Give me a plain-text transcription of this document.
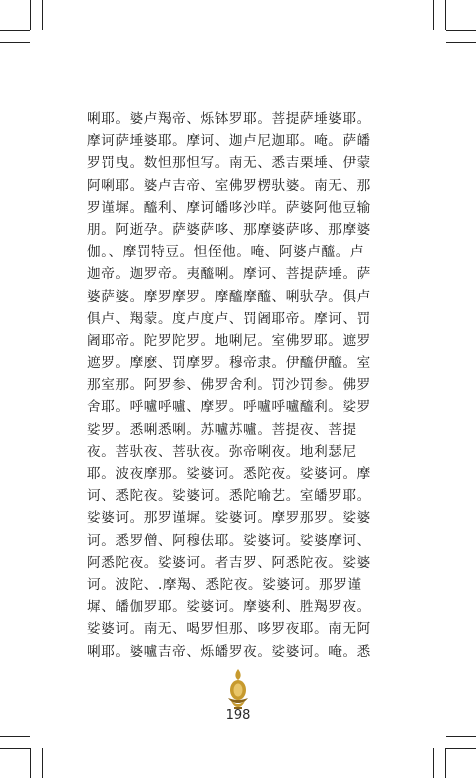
唎耶。婆卢羯帝、烁钵罗耶。菩提萨埵婆耶。
摩诃萨埵婆耶。摩诃、迦卢尼迦耶。唵。萨皤
罗罚曳。数怛那怛写。南无、悉吉栗埵、伊蒙
阿唎耶。婆卢吉帝、室佛罗楞驮婆。南无、那
罗谨墀。醯利、摩诃皤哆沙咩。萨婆阿他豆输
朋。阿逝孕。萨婆萨哆、那摩婆萨哆、那摩婆
伽。、摩罚特豆。怛侄他。唵、阿婆卢醯。卢
迦帝。迦罗帝。夷醯唎。摩诃、菩提萨埵。萨
婆萨婆。摩罗摩罗。摩醯摩醯、唎驮孕。俱卢
俱卢、羯蒙。度卢度卢、罚阇耶帝。摩诃、罚
阇耶帝。陀罗陀罗。地唎尼。室佛罗耶。遮罗
遮罗。摩麽、罚摩罗。穆帝隶。伊醯伊醯。室
那室那。阿罗参、佛罗舍利。罚沙罚参。佛罗
舍耶。呼嚧呼嚧、摩罗。呼嚧呼嚧醯利。娑罗
娑罗。悉唎悉唎。苏嚧苏嚧。菩提夜、菩提
夜。菩驮夜、菩驮夜。弥帝唎夜。地利瑟尼
耶。波夜摩那。娑婆诃。悉陀夜。娑婆诃。摩
诃、悉陀夜。娑婆诃。悉陀喻艺。室皤罗耶。
娑婆诃。那罗谨墀。娑婆诃。摩罗那罗。娑婆
诃。悉罗僧、阿穆佉耶。娑婆诃。娑婆摩诃、
阿悉陀夜。娑婆诃。者吉罗、阿悉陀夜。娑婆
诃。波陀、.摩羯、悉陀夜。娑婆诃。那罗谨
墀、皤伽罗耶。娑婆诃。摩婆利、胜羯罗夜。
娑婆诃。南无、喝罗怛那、哆罗夜耶。南无阿
唎耶。婆嚧吉帝、烁皤罗夜。娑婆诃。唵。悉
198
